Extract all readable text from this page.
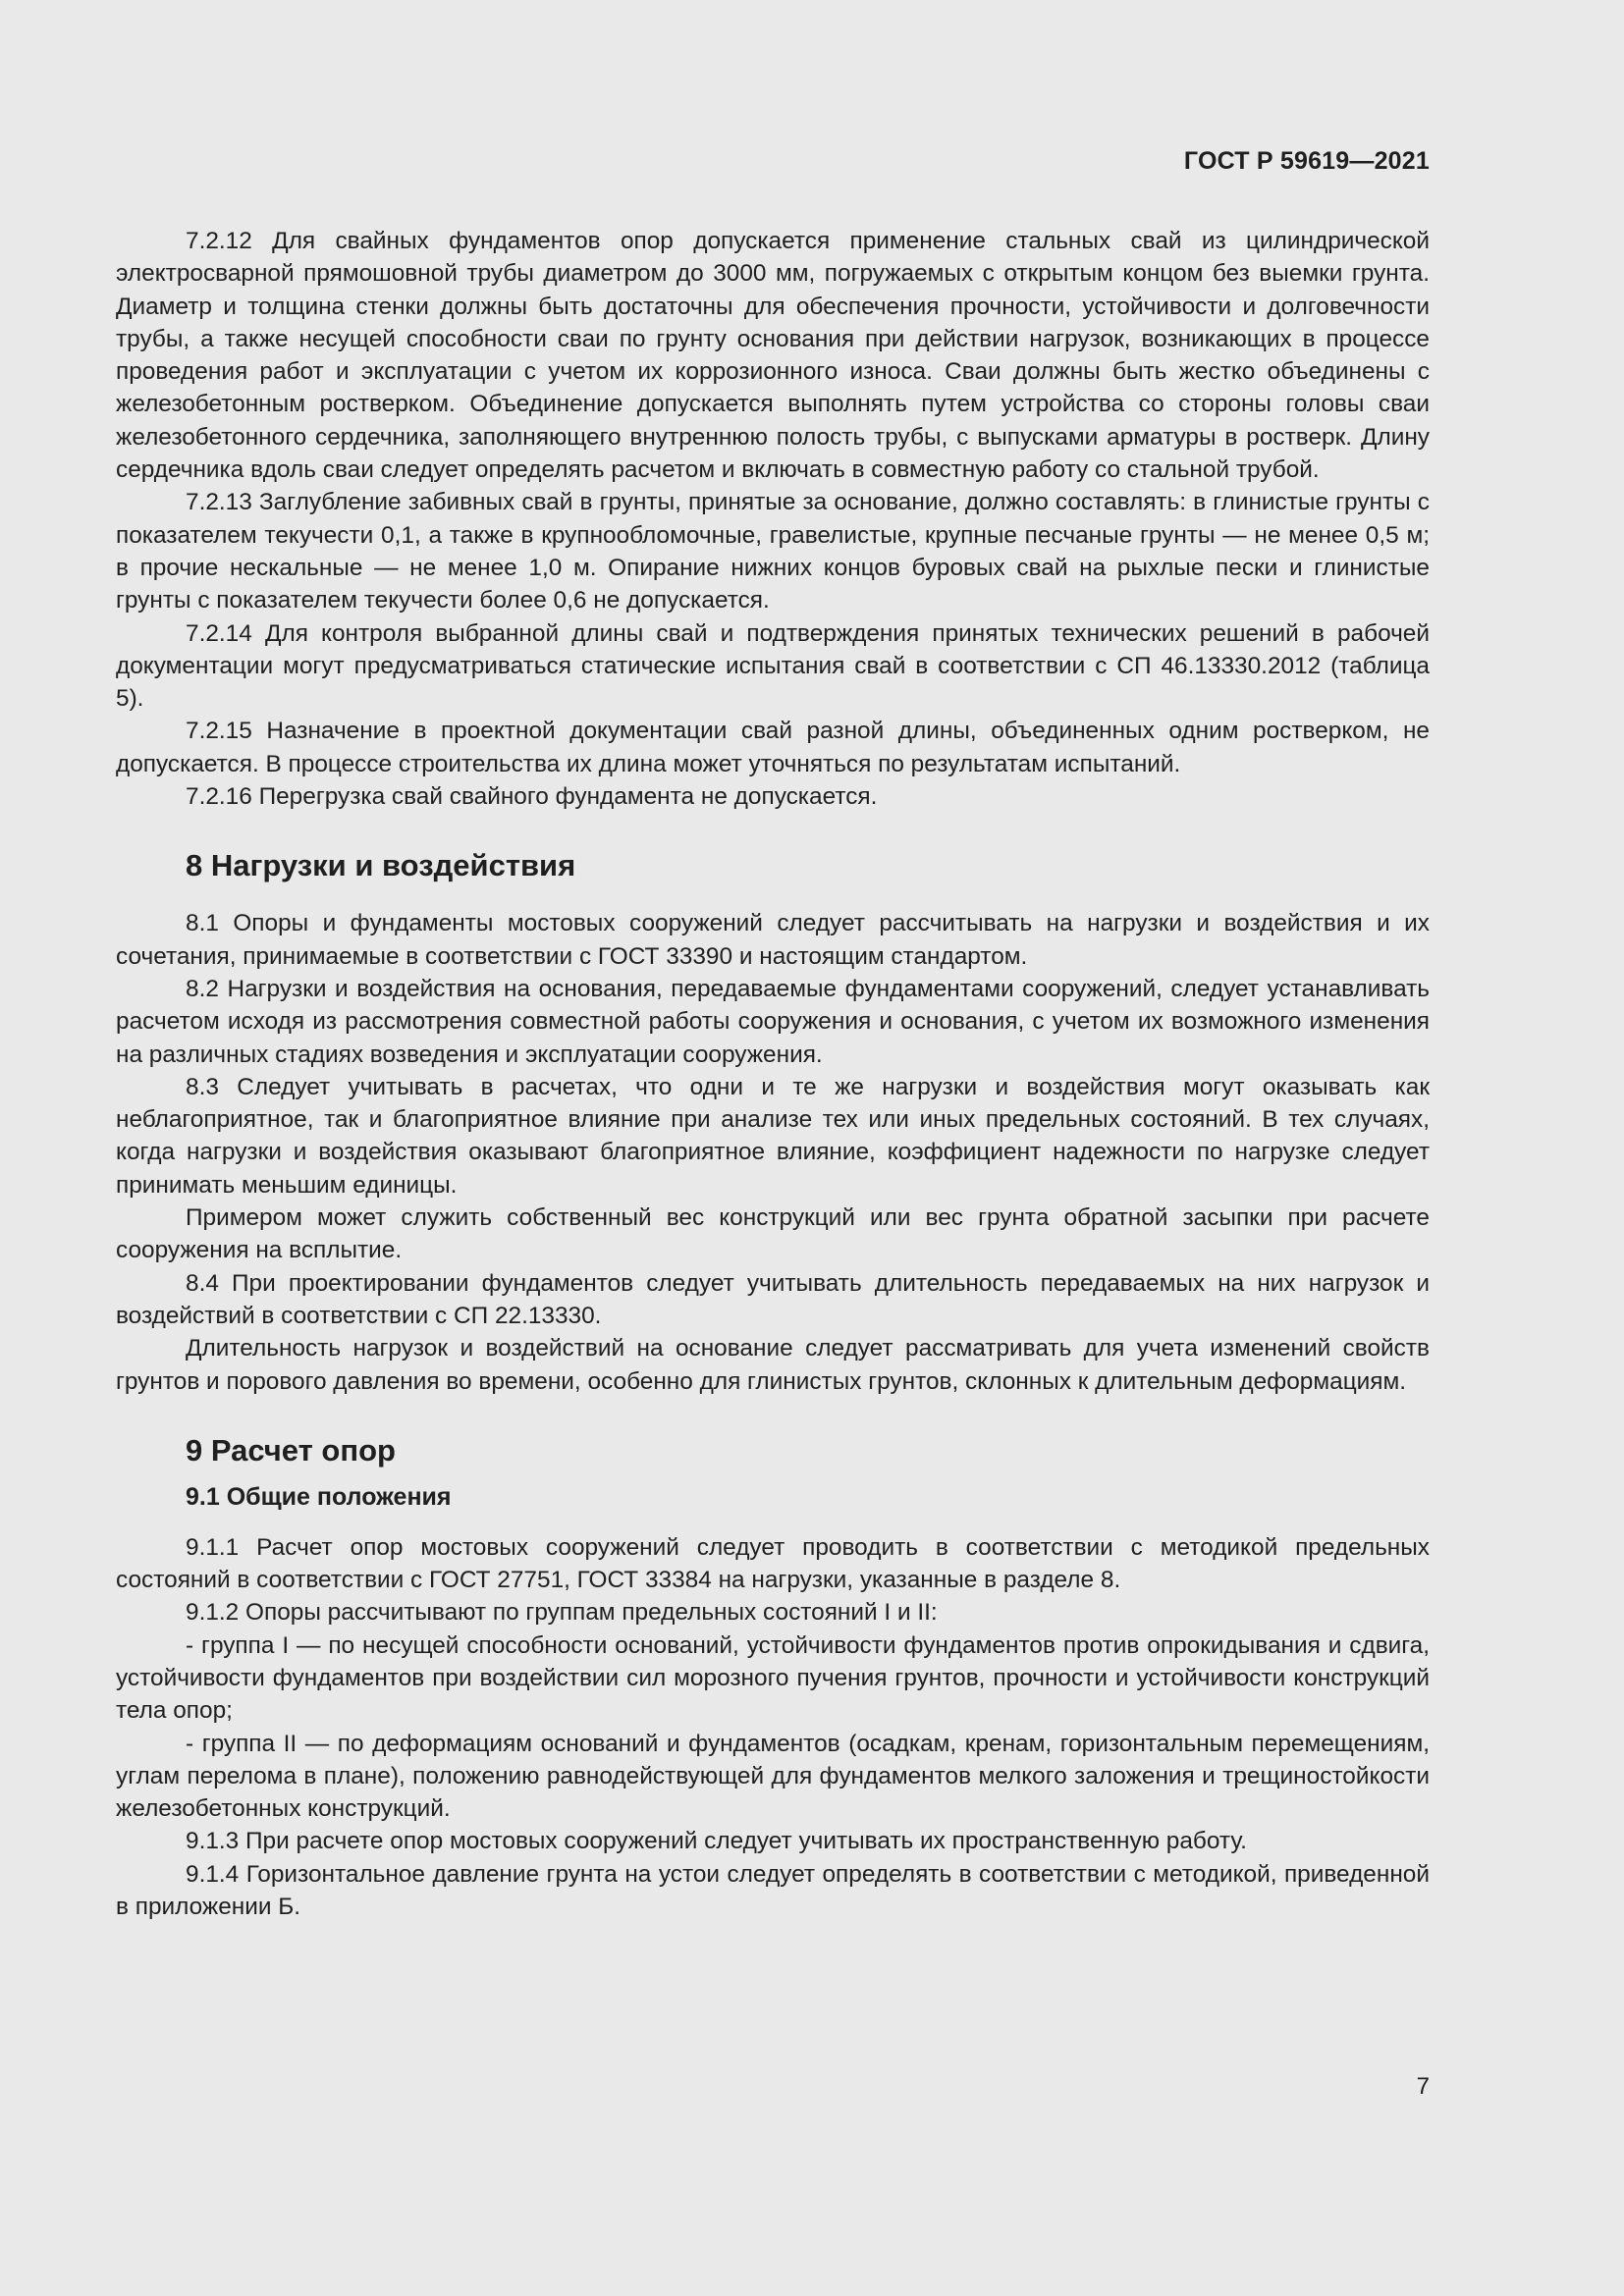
ГОСТ Р 59619—2021

7.2.12 Для свайных фундаментов опор допускается применение стальных свай из цилиндрической электросварной прямошовной трубы диаметром до 3000 мм, погружаемых с открытым концом без выемки грунта. Диаметр и толщина стенки должны быть достаточны для обеспечения прочности, устойчивости и долговечности трубы, а также несущей способности сваи по грунту основания при действии нагрузок, возникающих в процессе проведения работ и эксплуатации с учетом их коррозионного износа. Сваи должны быть жестко объединены с железобетонным ростверком. Объединение допускается выполнять путем устройства со стороны головы сваи железобетонного сердечника, заполняющего внутреннюю полость трубы, с выпусками арматуры в ростверк. Длину сердечника вдоль сваи следует определять расчетом и включать в совместную работу со стальной трубой.

7.2.13 Заглубление забивных свай в грунты, принятые за основание, должно составлять: в глинистые грунты с показателем текучести 0,1, а также в крупнообломочные, гравелистые, крупные песчаные грунты — не менее 0,5 м; в прочие нескальные — не менее 1,0 м. Опирание нижних концов буровых свай на рыхлые пески и глинистые грунты с показателем текучести более 0,6 не допускается.

7.2.14 Для контроля выбранной длины свай и подтверждения принятых технических решений в рабочей документации могут предусматриваться статические испытания свай в соответствии с СП 46.13330.2012 (таблица 5).

7.2.15 Назначение в проектной документации свай разной длины, объединенных одним ростверком, не допускается. В процессе строительства их длина может уточняться по результатам испытаний.

7.2.16 Перегрузка свай свайного фундамента не допускается.

8 Нагрузки и воздействия

8.1 Опоры и фундаменты мостовых сооружений следует рассчитывать на нагрузки и воздействия и их сочетания, принимаемые в соответствии с ГОСТ 33390 и настоящим стандартом.

8.2 Нагрузки и воздействия на основания, передаваемые фундаментами сооружений, следует устанавливать расчетом исходя из рассмотрения совместной работы сооружения и основания, с учетом их возможного изменения на различных стадиях возведения и эксплуатации сооружения.

8.3 Следует учитывать в расчетах, что одни и те же нагрузки и воздействия могут оказывать как неблагоприятное, так и благоприятное влияние при анализе тех или иных предельных состояний. В тех случаях, когда нагрузки и воздействия оказывают благоприятное влияние, коэффициент надежности по нагрузке следует принимать меньшим единицы.

Примером может служить собственный вес конструкций или вес грунта обратной засыпки при расчете сооружения на всплытие.

8.4 При проектировании фундаментов следует учитывать длительность передаваемых на них нагрузок и воздействий в соответствии с СП 22.13330.

Длительность нагрузок и воздействий на основание следует рассматривать для учета изменений свойств грунтов и порового давления во времени, особенно для глинистых грунтов, склонных к длительным деформациям.

9 Расчет опор
9.1 Общие положения

9.1.1 Расчет опор мостовых сооружений следует проводить в соответствии с методикой предельных состояний в соответствии с ГОСТ 27751, ГОСТ 33384 на нагрузки, указанные в разделе 8.

9.1.2 Опоры рассчитывают по группам предельных состояний I и II:

- группа I — по несущей способности оснований, устойчивости фундаментов против опрокидывания и сдвига, устойчивости фундаментов при воздействии сил морозного пучения грунтов, прочности и устойчивости конструкций тела опор;

- группа II — по деформациям оснований и фундаментов (осадкам, кренам, горизонтальным перемещениям, углам перелома в плане), положению равнодействующей для фундаментов мелкого заложения и трещиностойкости железобетонных конструкций.

9.1.3 При расчете опор мостовых сооружений следует учитывать их пространственную работу.

9.1.4 Горизонтальное давление грунта на устои следует определять в соответствии с методикой, приведенной в приложении Б.

7
